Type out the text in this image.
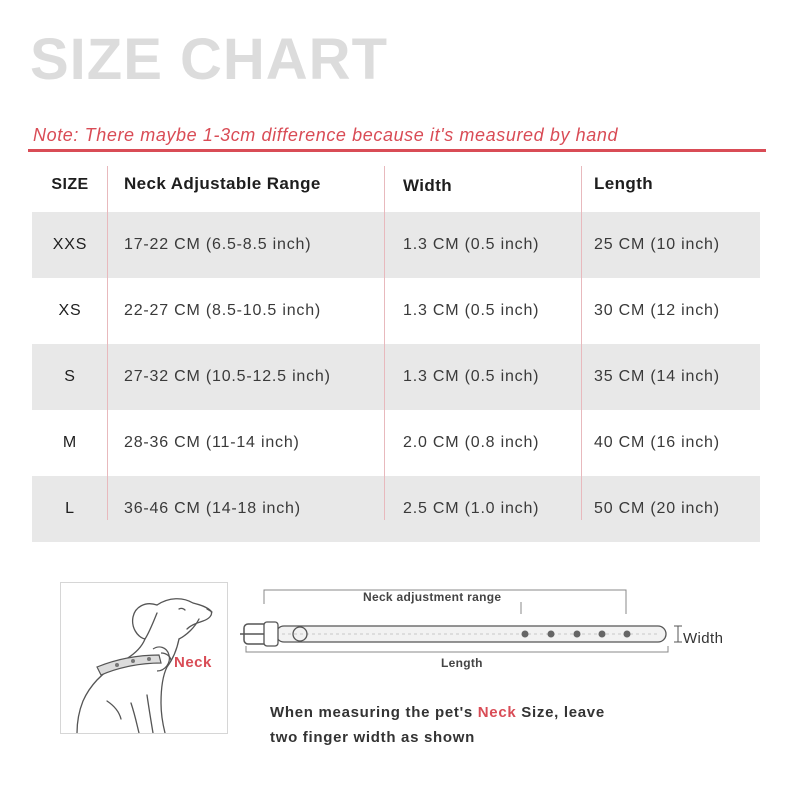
SIZE CHART
Note: There maybe 1-3cm difference because it's measured by hand
SIZE	Neck Adjustable Range	Width	Length
XXS	17-22 CM (6.5-8.5 inch)	1.3 CM (0.5 inch)	25 CM (10 inch)
XS	22-27 CM (8.5-10.5 inch)	1.3 CM (0.5 inch)	30 CM (12 inch)
S	27-32 CM (10.5-12.5 inch)	1.3 CM (0.5 inch)	35 CM (14 inch)
M	28-36 CM (11-14 inch)	2.0 CM (0.8 inch)	40 CM (16 inch)
L	36-46 CM (14-18 inch)	2.5 CM (1.0 inch)	50 CM (20 inch)
Neck
Neck adjustment range
Length
Width
When measuring the pet's Neck Size, leave
two finger width as shown
